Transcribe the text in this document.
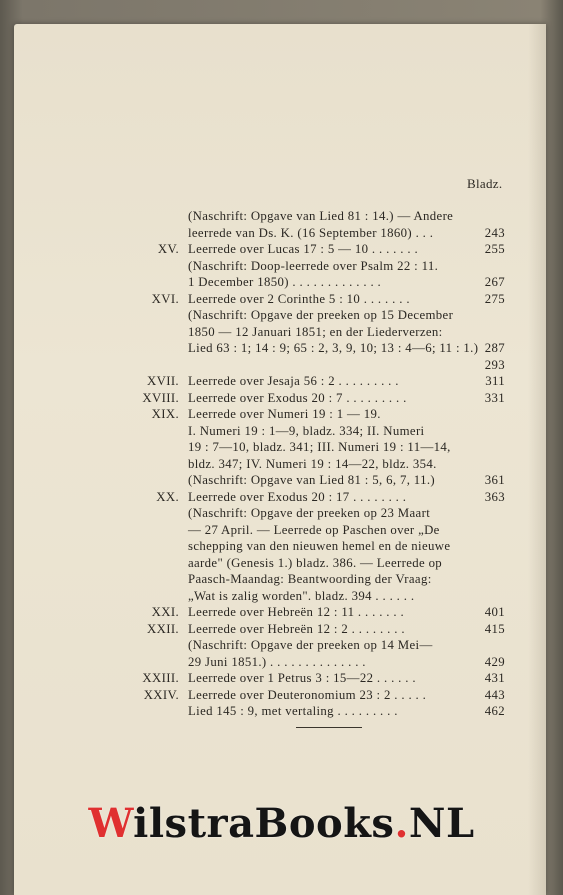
Bladz.
(Naschrift: Opgave van Lied 81 : 14.) — Andere
leerrede van Ds. K. (16 September 1860) . . .	243
XV. Leerrede over Lucas 17 : 5 — 10 . . . . . . .	255
(Naschrift: Doop-leerrede over Psalm 22 : 11.
1 December 1850) . . . . . . . . . . . . .	267
XVI. Leerrede over 2 Corinthe 5 : 10 . . . . . . .	275
(Naschrift: Opgave der preeken op 15 December
1850 — 12 Januari 1851; en der Liederverzen:
Lied 63 : 1; 14 : 9; 65 : 2, 3, 9, 10; 13 : 4—6; 11 : 1.) 287
293
XVII. Leerrede over Jesaja 56 : 2 . . . . . . . . .	311
XVIII. Leerrede over Exodus 20 : 7 . . . . . . . . .	331
XIX. Leerrede over Numeri 19 : 1 — 19.
I. Numeri 19 : 1—9, bladz. 334; II. Numeri
19 : 7—10, bladz. 341; III. Numeri 19 : 11—14,
bldz. 347; IV. Numeri 19 : 14—22, bldz. 354.
(Naschrift: Opgave van Lied 81 : 5, 6, 7, 11.)	361
XX. Leerrede over Exodus 20 : 17 . . . . . . . .	363
(Naschrift: Opgave der preeken op 23 Maart
— 27 April. — Leerrede op Paschen over „De
schepping van den nieuwen hemel en de nieuwe
aarde" (Genesis 1.) bladz. 386. — Leerrede op
Paasch-Maandag: Beantwoording der Vraag:
„Wat is zalig worden". bladz. 394 . . . . . .
XXI. Leerrede over Hebreën 12 : 11 . . . . . . .	401
XXII. Leerrede over Hebreën 12 : 2 . . . . . . . .	415
(Naschrift: Opgave der preeken op 14 Mei—
29 Juni 1851.) . . . . . . . . . . . . . .	429
XXIII. Leerrede over 1 Petrus 3 : 15—22 . . . . . .	431
XXIV. Leerrede over Deuteronomium 23 : 2 . . . . .	443
Lied 145 : 9, met vertaling . . . . . . . . .	462
WilstraBooks.NL
